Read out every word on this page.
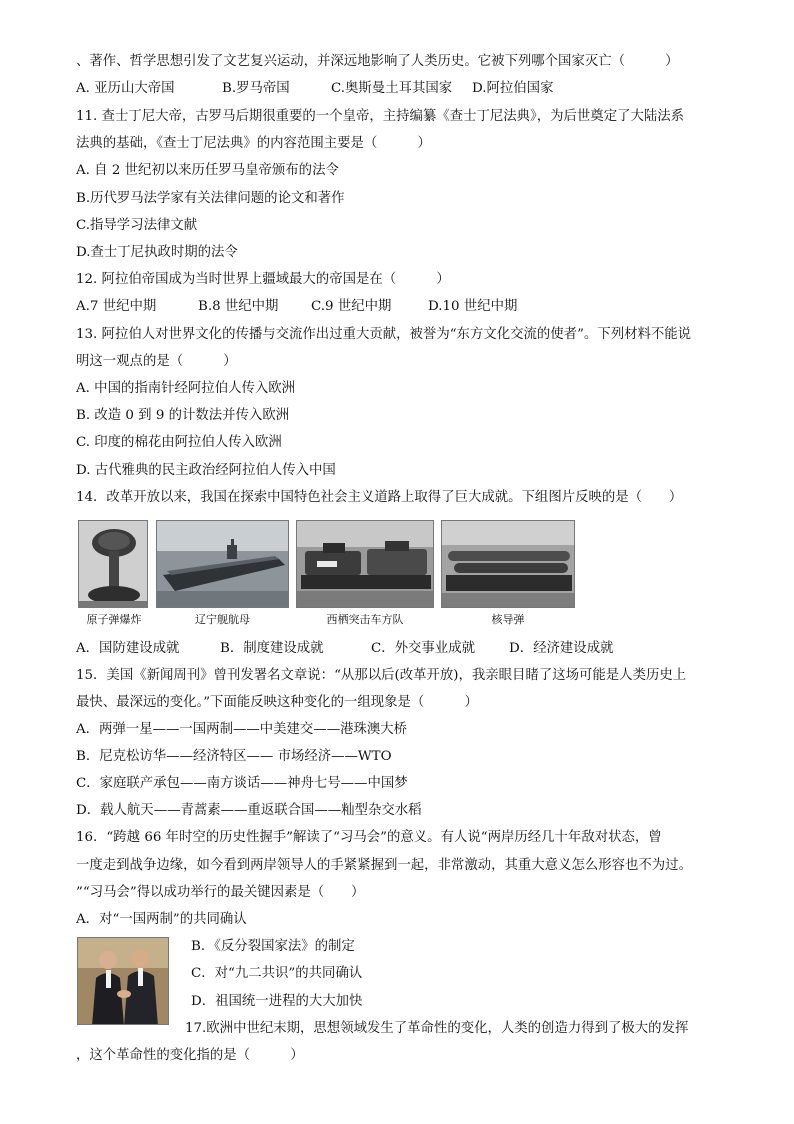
、著作、哲学思想引发了文艺复兴运动，并深远地影响了人类历史。它被下列哪个国家灭亡（　　　）
A. 亚历山大帝国	B.罗马帝国	C.奥斯曼土耳其国家	D.阿拉伯国家
11. 查士丁尼大帝，古罗马后期很重要的一个皇帝，主持编纂《查士丁尼法典》，为后世奠定了大陆法系
法典的基础，《查士丁尼法典》的内容范围主要是（　　　）
A. 自 2 世纪初以来历任罗马皇帝颁布的法令
B.历代罗马法学家有关法律问题的论文和著作
C.指导学习法律文献
D.查士丁尼执政时期的法令
12. 阿拉伯帝国成为当时世界上疆域最大的帝国是在（　　　）
A.7 世纪中期	B.8 世纪中期	C.9 世纪中期	D.10 世纪中期
13. 阿拉伯人对世界文化的传播与交流作出过重大贡献，被誉为“东方文化交流的使者”。下列材料不能说
明这一观点的是（　　　）
A. 中国的指南针经阿拉伯人传入欧洲
B. 改造 0 到 9 的计数法并传入欧洲
C. 印度的棉花由阿拉伯人传入欧洲
D. 古代雅典的民主政治经阿拉伯人传入中国
14．改革开放以来，我国在探索中国特色社会主义道路上取得了巨大成就。下组图片反映的是（　　）
原子弹爆炸	辽宁舰航母	西栖突击车方队	核导弹
A．国防建设成就	B．制度建设成就	C．外交事业成就	D．经济建设成就
15．美国《新闻周刊》曾刊发署名文章说：“从那以后(改革开放)，我亲眼目睹了这场可能是人类历史上
最快、最深远的变化。”下面能反映这种变化的一组现象是（　　　）
A．两弹一星——一国两制——中美建交——港珠澳大桥
B．尼克松访华——经济特区—— 市场经济——WTO
C．家庭联产承包——南方谈话——神舟七号——中国梦
D．载人航天——青蒿素——重返联合国——籼型杂交水稻
16．“跨越 66 年时空的历史性握手”解读了“习马会”的意义。有人说“两岸历经几十年敌对状态，曾
一度走到战争边缘，如今看到两岸领导人的手紧紧握到一起，非常激动，其重大意义怎么形容也不为过。
”“习马会”得以成功举行的最关键因素是（　　）
A．对“一国两制”的共同确认
B．《反分裂国家法》的制定
C．对“九二共识”的共同确认
D．祖国统一进程的大大加快
17.欧洲中世纪末期，思想领域发生了革命性的变化，人类的创造力得到了极大的发挥
，这个革命性的变化指的是（　　　）
